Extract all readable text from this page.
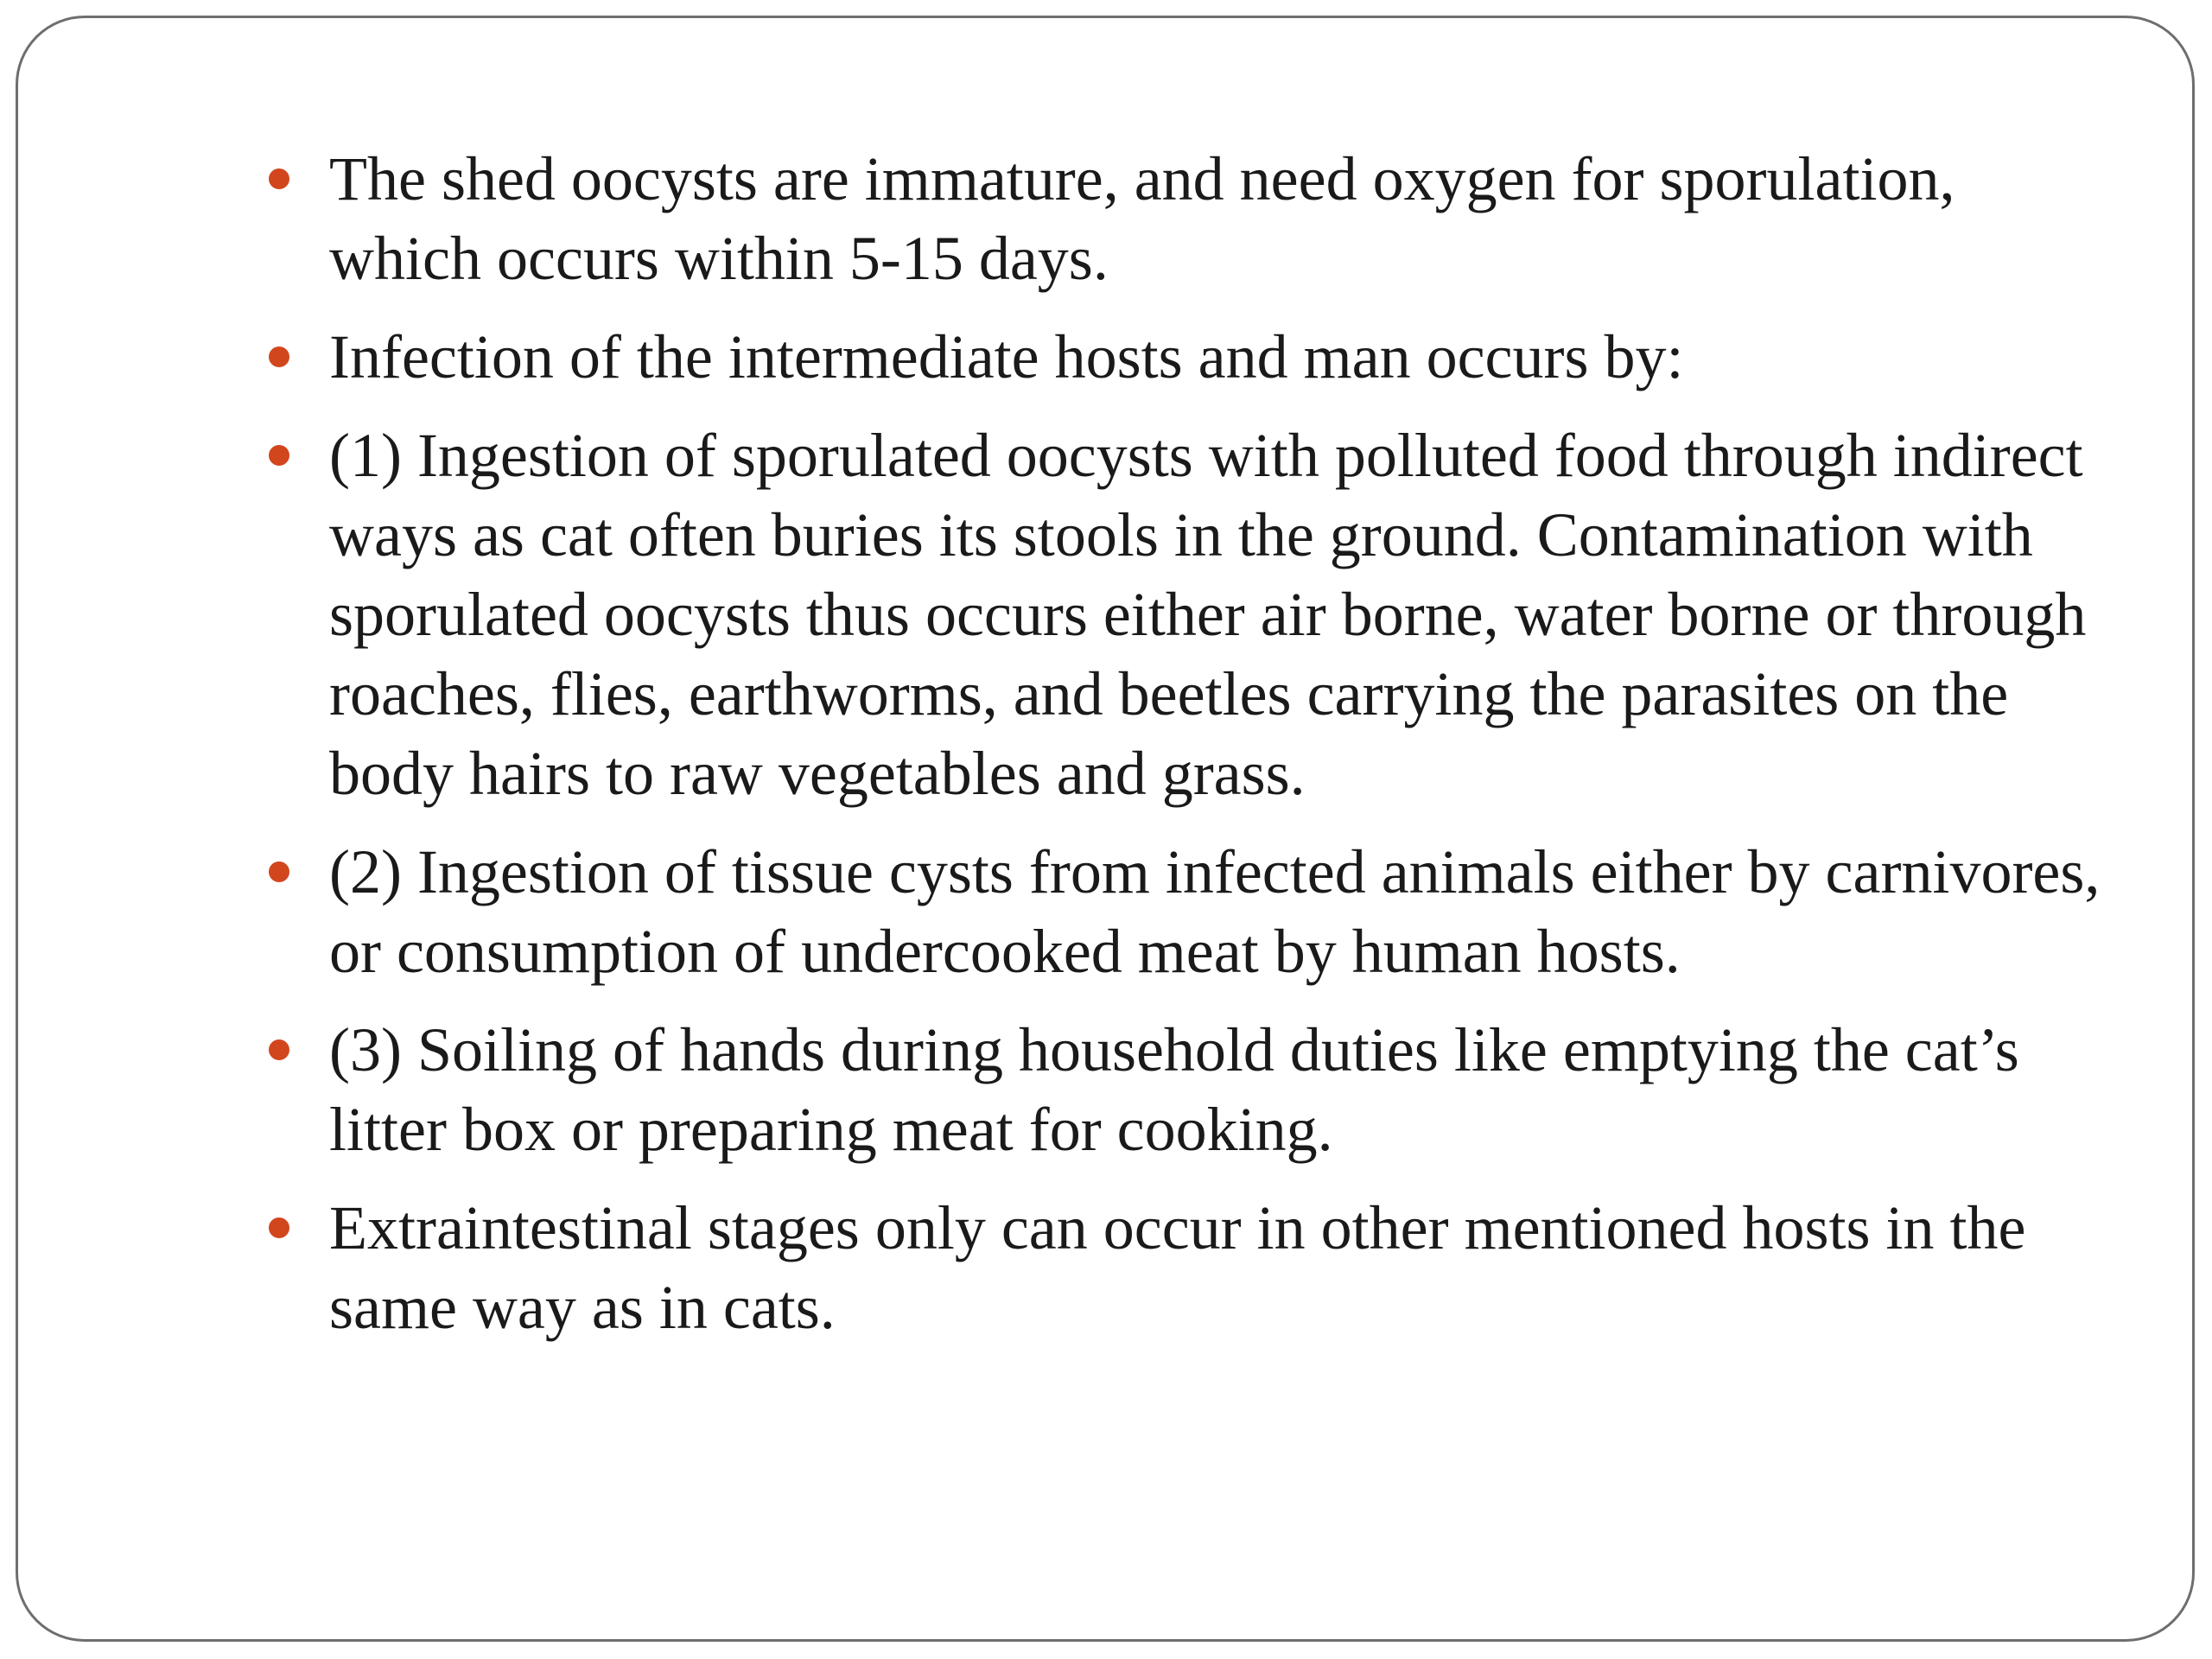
The shed oocysts are immature, and need oxygen for sporulation, which occurs within 5-15 days.
Infection of the intermediate hosts and man occurs by:
(1) Ingestion of sporulated oocysts with polluted food through indirect ways as cat often buries its stools in the ground. Contamination with sporulated oocysts thus occurs either air borne, water borne or through roaches, flies, earthworms, and beetles carrying the parasites on the body hairs to raw vegetables and grass.
(2) Ingestion of tissue cysts from infected animals either by carnivores, or consumption of undercooked meat by human hosts.
(3) Soiling of hands during household duties like emptying the cat’s litter box or preparing meat for cooking.
Extraintestinal stages only can occur in other mentioned hosts in the same way as in cats.
